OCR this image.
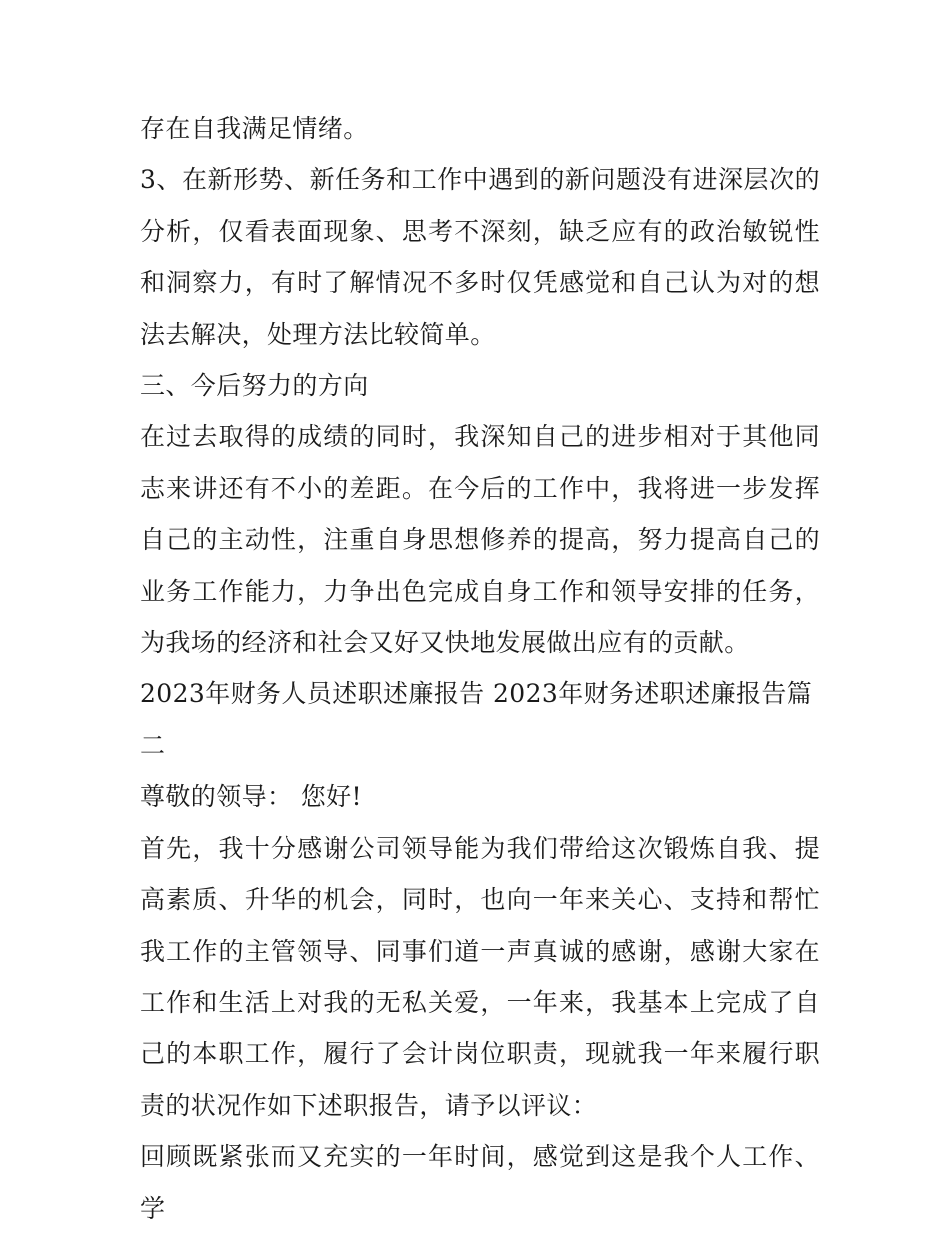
存在自我满足情绪。

3、在新形势、新任务和工作中遇到的新问题没有进深层次的分析，仅看表面现象、思考不深刻，缺乏应有的政治敏锐性和洞察力，有时了解情况不多时仅凭感觉和自己认为对的想法去解决，处理方法比较简单。

三、今后努力的方向

在过去取得的成绩的同时，我深知自己的进步相对于其他同志来讲还有不小的差距。在今后的工作中，我将进一步发挥自己的主动性，注重自身思想修养的提高，努力提高自己的业务工作能力，力争出色完成自身工作和领导安排的任务，为我场的经济和社会又好又快地发展做出应有的贡献。

2023年财务人员述职述廉报告 2023年财务述职述廉报告篇二

尊敬的领导： 您好!

首先，我十分感谢公司领导能为我们带给这次锻炼自我、提高素质、升华的机会，同时，也向一年来关心、支持和帮忙我工作的主管领导、同事们道一声真诚的感谢，感谢大家在工作和生活上对我的无私关爱，一年来，我基本上完成了自己的本职工作，履行了会计岗位职责，现就我一年来履行职责的状况作如下述职报告，请予以评议：

回顾既紧张而又充实的一年时间，感觉到这是我个人工作、学
